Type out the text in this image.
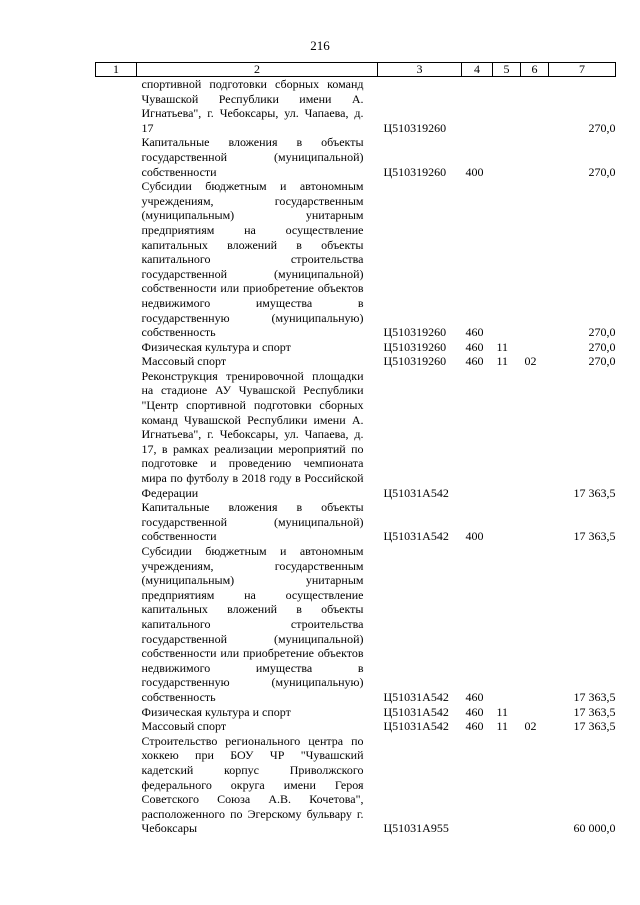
216
1	2	3	4	5	6	7

спортивной подготовки сборных команд Чувашской Республики имени А. Игнатьева", г. Чебоксары, ул. Чапаева, д. 17		Ц510319260				270,0

Капитальные вложения в объекты государственной (муниципальной) собственности		Ц510319260	400			270,0

Субсидии бюджетным и автономным учреждениям, государственным (муниципальным) унитарным предприятиям на осуществление капитальных вложений в объекты капитального строительства государственной (муниципальной) собственности или приобретение объектов недвижимого имущества в государственную (муниципальную) собственность		Ц510319260	460			270,0

Физическая культура и спорт		Ц510319260	460	11		270,0

Массовый спорт		Ц510319260	460	11	02	270,0

Реконструкция тренировочной площадки на стадионе АУ Чувашской Республики "Центр спортивной подготовки сборных команд Чувашской Республики имени А. Игнатьева", г. Чебоксары, ул. Чапаева, д. 17, в рамках реализации мероприятий по подготовке и проведению чемпионата мира по футболу в 2018 году в Российской Федерации		Ц51031А542				17 363,5

Капитальные вложения в объекты государственной (муниципальной) собственности		Ц51031А542	400			17 363,5

Субсидии бюджетным и автономным учреждениям, государственным (муниципальным) унитарным предприятиям на осуществление капитальных вложений в объекты капитального строительства государственной (муниципальной) собственности или приобретение объектов недвижимого имущества в государственную (муниципальную) собственность		Ц51031А542	460			17 363,5

Физическая культура и спорт		Ц51031А542	460	11		17 363,5

Массовый спорт		Ц51031А542	460	11	02	17 363,5

Строительство регионального центра по хоккею при БОУ ЧР "Чувашский кадетский корпус Приволжского федерального округа имени Героя Советского Союза А.В. Кочетова", расположенного по Эгерскому бульвару г. Чебоксары		Ц51031А955				60 000,0
